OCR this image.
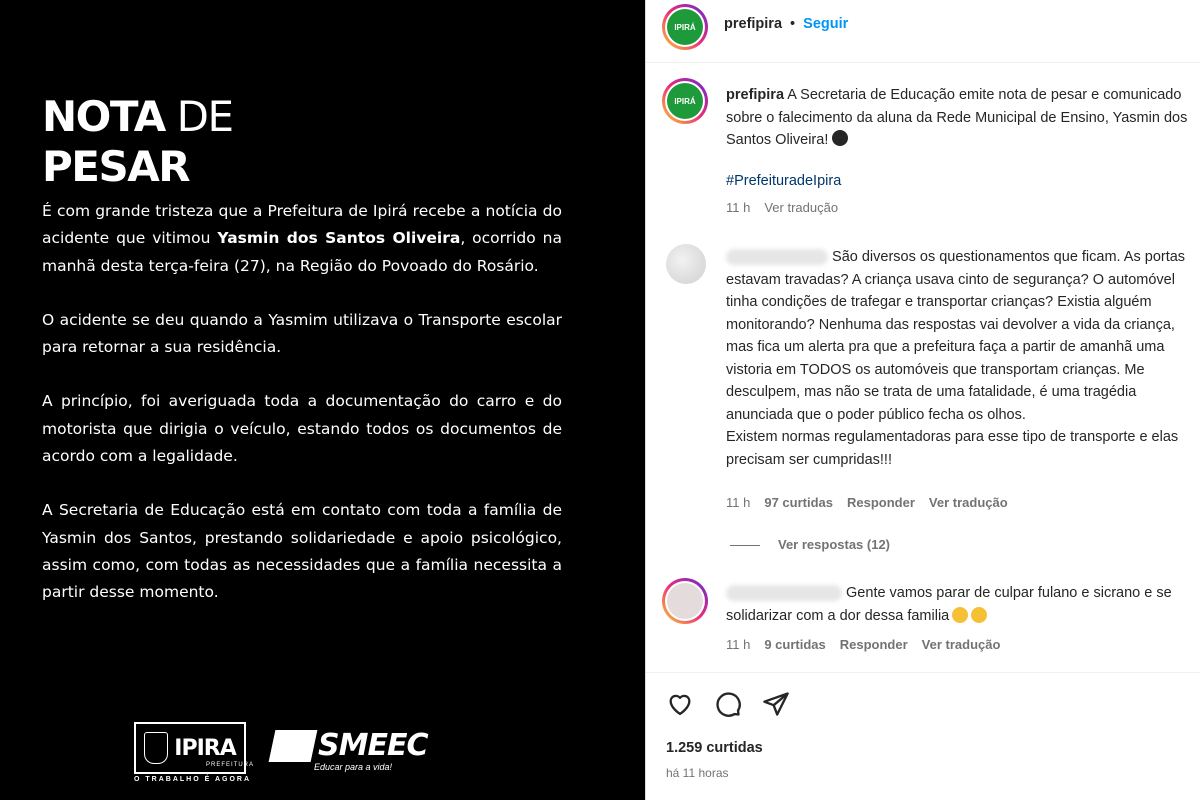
NOTA DE
PESAR

É com grande tristeza que a Prefeitura de Ipirá recebe a notícia do acidente que vitimou Yasmin dos Santos Oliveira, ocorrido na manhã desta terça-feira (27), na Região do Povoado do Rosário.

O acidente se deu quando a Yasmim utilizava o Transporte escolar para retornar a sua residência.

A princípio, foi averiguada toda a documentação do carro e do motorista que dirigia o veículo, estando todos os documentos de acordo com a legalidade.

A Secretaria de Educação está em contato com toda a família de Yasmin dos Santos, prestando solidariedade e apoio psicológico, assim como, com todas as necessidades que a família necessita a partir desse momento.

IPIRA
PREFEITURA
O TRABALHO É AGORA
SMEEC
Educar para a vida!
IPIRÁ	prefipira • Seguir
IPIRÁ	prefipira A Secretaria de Educação emite nota de pesar e comunicado sobre o falecimento da aluna da Rede Municipal de Ensino, Yasmin dos Santos Oliveira!
#PrefeituradeIpira
11 h Ver tradução
São diversos os questionamentos que ficam. As portas estavam travadas? A criança usava cinto de segurança? O automóvel tinha condições de trafegar e transportar crianças? Existia alguém monitorando? Nenhuma das respostas vai devolver a vida da criança, mas fica um alerta pra que a prefeitura faça a partir de amanhã uma vistoria em TODOS os automóveis que transportam crianças. Me desculpem, mas não se trata de uma fatalidade, é uma tragédia anunciada que o poder público fecha os olhos.
Existem normas regulamentadoras para esse tipo de transporte e elas precisam ser cumpridas!!!
11 h 97 curtidas Responder Ver tradução
Ver respostas (12)
Gente vamos parar de culpar fulano e sicrano e se solidarizar com a dor dessa familia
11 h 9 curtidas Responder Ver tradução
1.259 curtidas
há 11 horas
